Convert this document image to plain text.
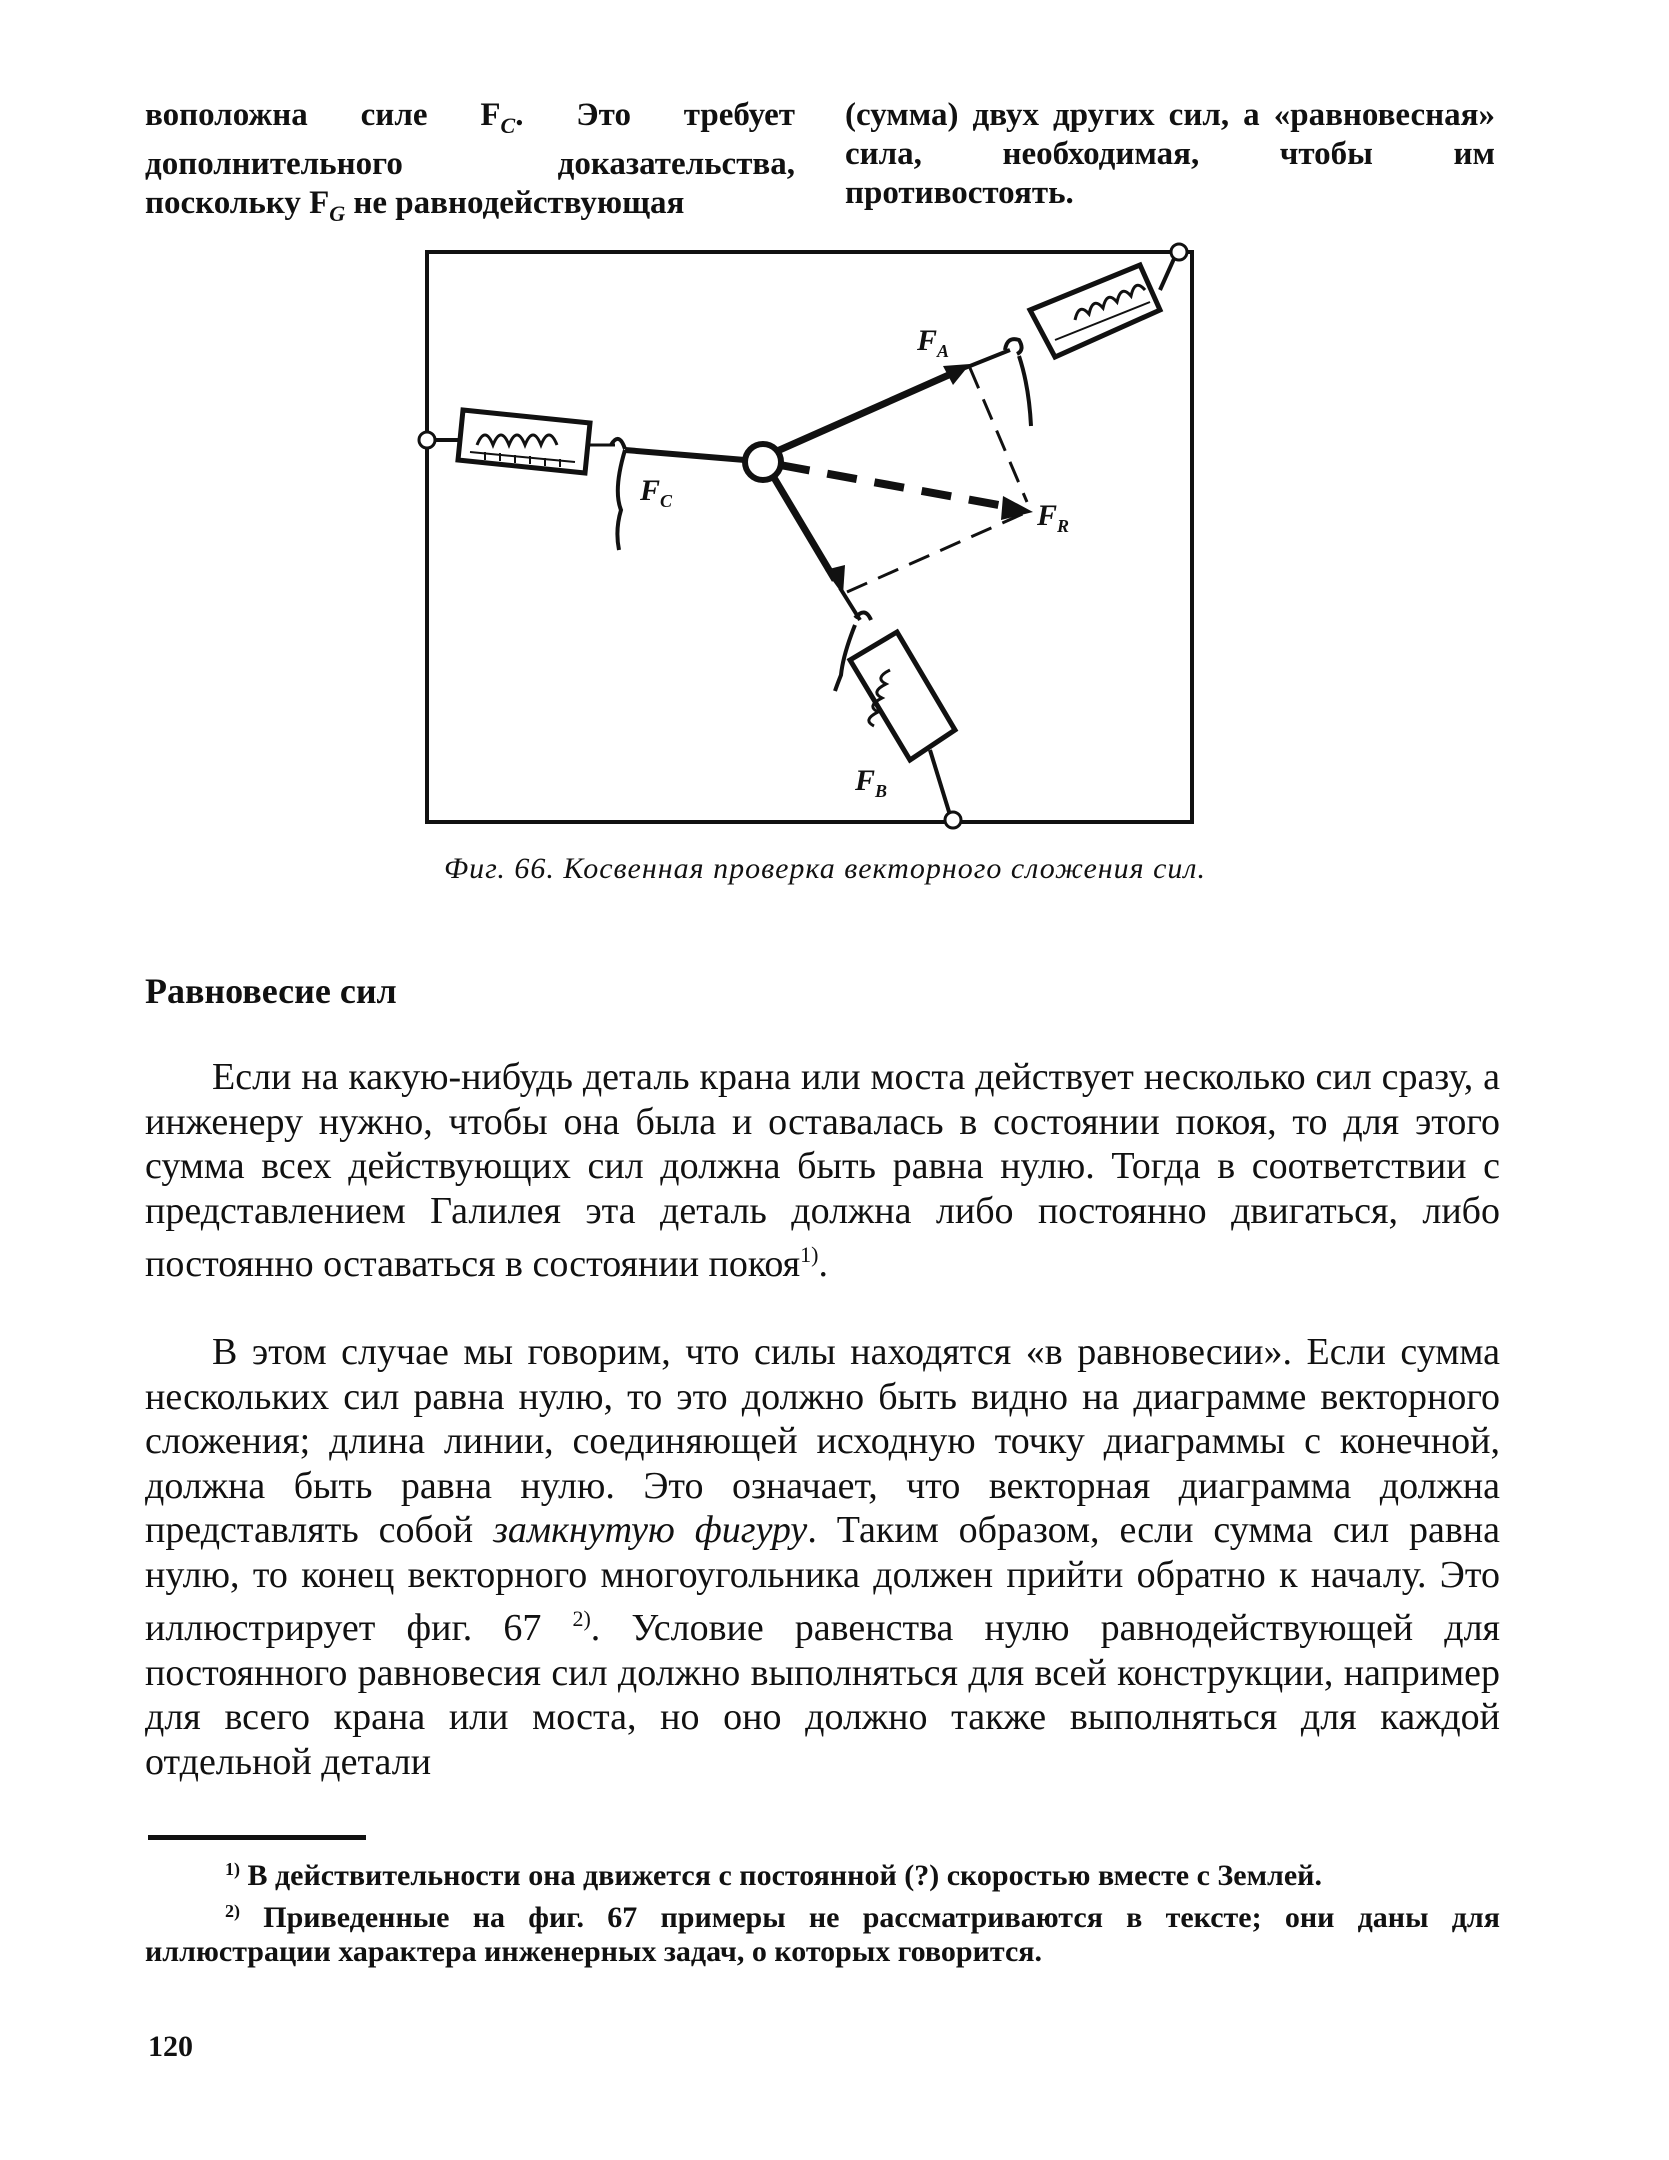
воположна силе $F_C$. Это требует дополнительного доказательства, поскольку $F_G$ не равнодействующая
(сумма) двух других сил, а «равновесная» сила, необходимая, чтобы им противостоять.
$F_A$
$F_C$	$F_R$
$F_B$
Фиг. 66. Косвенная проверка векторного сложения сил.
Равновесие сил

Если на какую-нибудь деталь крана или моста действует несколько сил сразу, а инженеру нужно, чтобы она была и оставалась в состоянии покоя, то для этого сумма всех действующих сил должна быть равна нулю. Тогда в соответствии с представлением Галилея эта деталь должна либо постоянно двигаться, либо постоянно оставаться в состоянии покоя$^{1)}$.

В этом случае мы говорим, что силы находятся «в равновесии». Если сумма нескольких сил равна нулю, то это должно быть видно на диаграмме векторного сложения; длина линии, соединяющей исходную точку диаграммы с конечной, должна быть равна нулю. Это означает, что векторная диаграмма должна представлять собой замкнутую фигуру. Таким образом, если сумма сил равна нулю, то конец векторного многоугольника должен прийти обратно к началу. Это иллюстрирует фиг. 67 $^{2)}$. Условие равенства нулю равнодействующей для постоянного равновесия сил должно выполняться для всей конструкции, например для всего крана или моста, но оно должно также выполняться для каждой отдельной детали

$^{1)}$ В действительности она движется с постоянной (?) скоростью вместе с Землей.

$^{2)}$ Приведенные на фиг. 67 примеры не рассматриваются в тексте; они даны для иллюстрации характера инженерных задач, о которых говорится.

120
